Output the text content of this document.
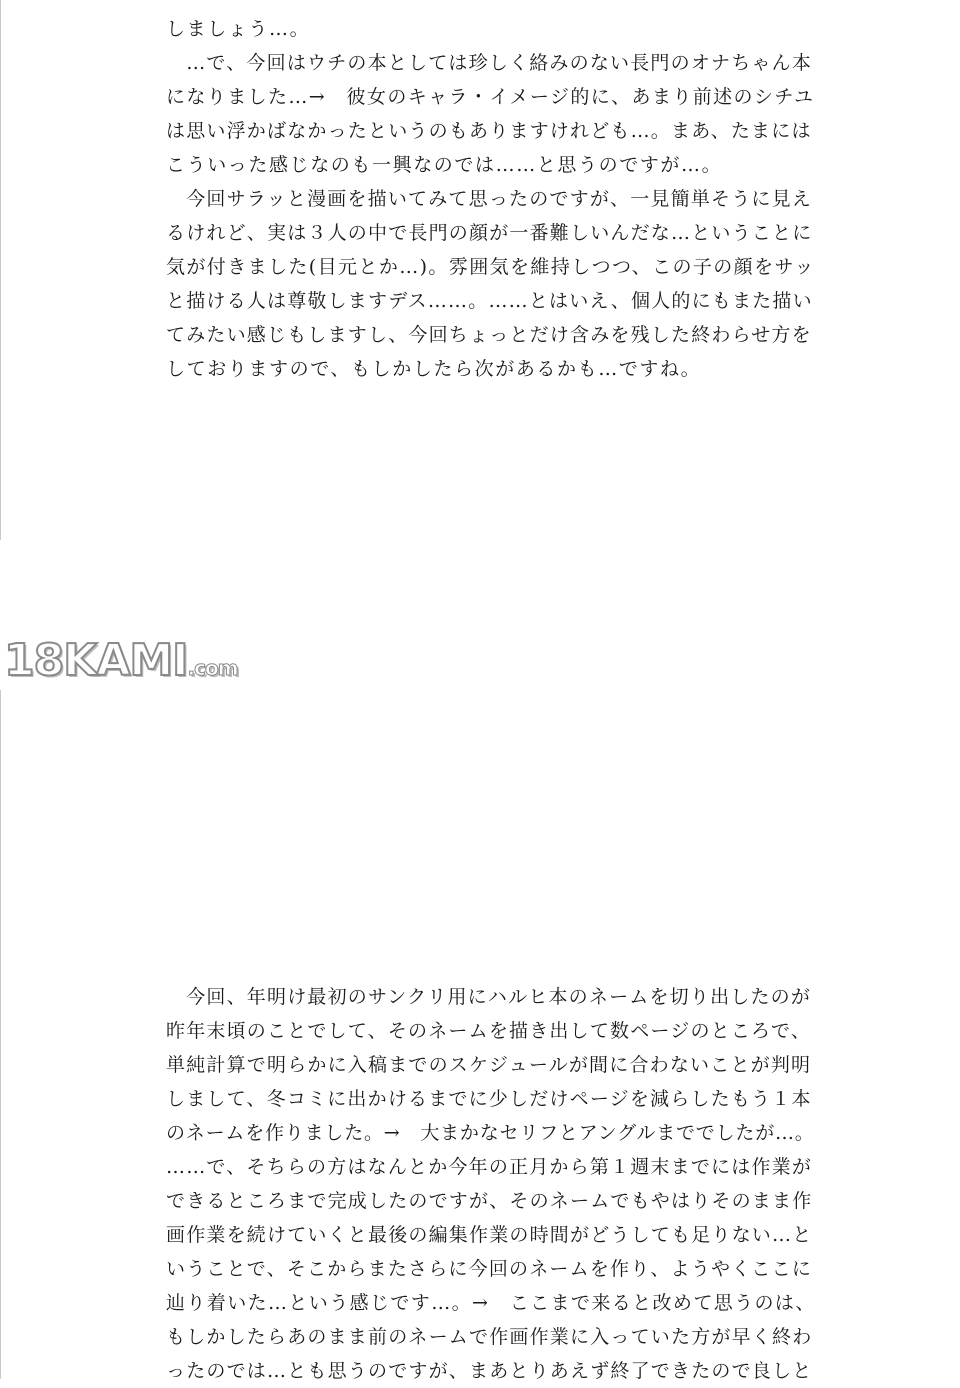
しましょう…。
　…で、今回はウチの本としては珍しく絡みのない長門のオナちゃん本
になりました…→　彼女のキャラ・イメージ的に、あまり前述のシチユ
は思い浮かばなかったというのもありますけれども…。まあ、たまには
こういった感じなのも一興なのでは……と思うのですが…。
　今回サラッと漫画を描いてみて思ったのですが、一見簡単そうに見え
るけれど、実は３人の中で長門の顔が一番難しいんだな…ということに
気が付きました(目元とか…)。雰囲気を維持しつつ、この子の顔をサッ
と描ける人は尊敬しますデス……。……とはいえ、個人的にもまた描い
てみたい感じもしますし、今回ちょっとだけ含みを残した終わらせ方を
しておりますので、もしかしたら次があるかも…ですね。
18KAMI.com
　今回、年明け最初のサンクリ用にハルヒ本のネームを切り出したのが
昨年末頃のことでして、そのネームを描き出して数ページのところで、
単純計算で明らかに入稿までのスケジュールが間に合わないことが判明
しまして、冬コミに出かけるまでに少しだけページを減らしたもう１本
のネームを作りました。→　大まかなセリフとアングルまででしたが…。
……で、そちらの方はなんとか今年の正月から第１週末までには作業が
できるところまで完成したのですが、そのネームでもやはりそのまま作
画作業を続けていくと最後の編集作業の時間がどうしても足りない…と
いうことで、そこからまたさらに今回のネームを作り、ようやくここに
辿り着いた…という感じです…。→　ここまで来ると改めて思うのは、
もしかしたらあのまま前のネームで作画作業に入っていた方が早く終わ
ったのでは…とも思うのですが、まあとりあえず終了できたので良しと
